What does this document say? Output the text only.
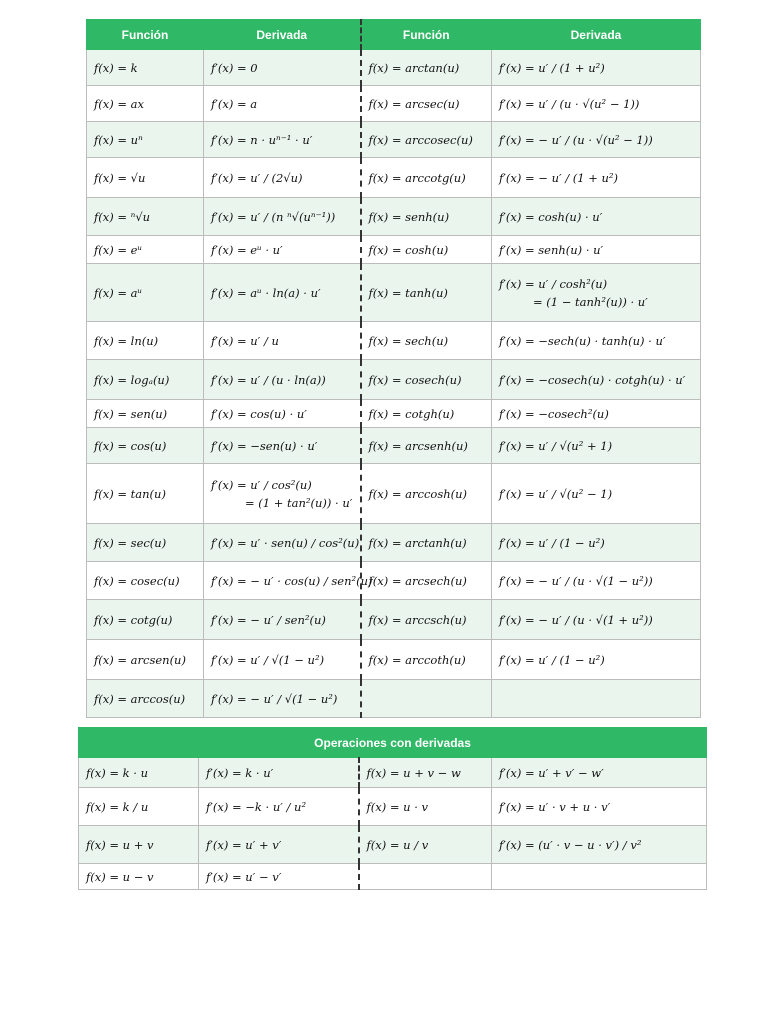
Función	Derivada	Función	Derivada

f(x) = k	f′(x) = 0	f(x) = arctan(u)	f′(x) = u′ / (1 + u²)

f(x) = ax	f′(x) = a	f(x) = arcsec(u)	f′(x) = u′ / (u · √(u² − 1))

f(x) = uⁿ	f′(x) = n · uⁿ⁻¹ · u′	f(x) = arccosec(u)	f′(x) = − u′ / (u · √(u² − 1))

f(x) = √u	f′(x) = u′ / (2√u)	f(x) = arccotg(u)	f′(x) = − u′ / (1 + u²)

f(x) = ⁿ√u	f′(x) = u′ / (n ⁿ√(uⁿ⁻¹))	f(x) = senh(u)	f′(x) = cosh(u) · u′

f(x) = eᵘ	f′(x) = eᵘ · u′	f(x) = cosh(u)	f′(x) = senh(u) · u′

f(x) = aᵘ	f′(x) = aᵘ · ln(a) · u′	f(x) = tanh(u)	f′(x) = u′ / cosh²(u)
= (1 − tanh²(u)) · u′

f(x) = ln(u)	f′(x) = u′ / u	f(x) = sech(u)	f′(x) = −sech(u) · tanh(u) · u′

f(x) = logₐ(u)	f′(x) = u′ / (u · ln(a))	f(x) = cosech(u)	f′(x) = −cosech(u) · cotgh(u) · u′

f(x) = sen(u)	f′(x) = cos(u) · u′	f(x) = cotgh(u)	f′(x) = −cosech²(u)

f(x) = cos(u)	f′(x) = −sen(u) · u′	f(x) = arcsenh(u)	f′(x) = u′ / √(u² + 1)

f(x) = tan(u)	f′(x) = u′ / cos²(u)
= (1 + tan²(u)) · u′	f(x) = arccosh(u)	f′(x) = u′ / √(u² − 1)

f(x) = sec(u)	f′(x) = u′ · sen(u) / cos²(u)	f(x) = arctanh(u)	f′(x) = u′ / (1 − u²)

f(x) = cosec(u)	f′(x) = − u′ · cos(u) / sen²(u)	f(x) = arcsech(u)	f′(x) = − u′ / (u · √(1 − u²))

f(x) = cotg(u)	f′(x) = − u′ / sen²(u)	f(x) = arccsch(u)	f′(x) = − u′ / (u · √(1 + u²))

f(x) = arcsen(u)	f′(x) = u′ / √(1 − u²)	f(x) = arccoth(u)	f′(x) = u′ / (1 − u²)

f(x) = arccos(u)	f′(x) = − u′ / √(1 − u²)		

Operaciones con derivadas			

f(x) = k · u	f′(x) = k · u′	f(x) = u + v − w	f′(x) = u′ + v′ − w′

f(x) = k / u	f′(x) = −k · u′ / u²	f(x) = u · v	f′(x) = u′ · v + u · v′

f(x) = u + v	f′(x) = u′ + v′	f(x) = u / v	f′(x) = (u′ · v − u · v′) / v²

f(x) = u − v	f′(x) = u′ − v′		
